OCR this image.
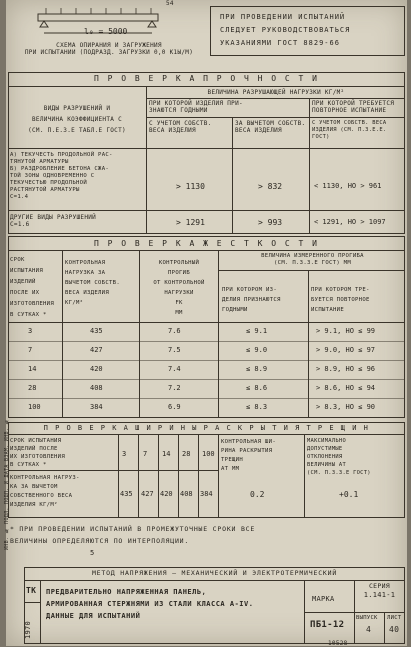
54
l₀ = 5000
СХЕМА ОПИРАНИЯ И ЗАГРУЖЕНИЯ
ПРИ ИСПЫТАНИИ (ПОДРАЗД. ЗАГРУЗКИ 0,0 К1Ы/М)
ПРИ ПРОВЕДЕНИИ ИСПЫТАНИЙ
СЛЕДУЕТ РУКОВОДСТВОВАТЬСЯ
УКАЗАНИЯМИ ГОСТ 8829-66
П Р О В Е Р К А П Р О Ч Н О С Т И
ВИДЫ РАЗРУШЕНИЙ И
ВЕЛИЧИНА КОЭФФИЦИЕНТА С
(СМ. П.Е.З.Е ТАБЛ.Е ГОСТ)
ВЕЛИЧИНА РАЗРУШАЮЩЕЙ НАГРУЗКИ КГ/М²
ПРИ КОТОРОЙ ИЗДЕЛИЯ ПРИ-
ЗНАЮТСЯ ГОДНЫМИ
ПРИ КОТОРОЙ ТРЕБУЕТСЯ
ПОВТОРНОЕ ИСПЫТАНИЕ
С УЧЕТОМ СОБСТВ.
ВЕСА ИЗДЕЛИЯ
ЗА ВЫЧЕТОМ СОБСТВ.
ВЕСА ИЗДЕЛИЯ
С УЧЕТОМ СОБСТВ. ВЕСА
ИЗДЕЛИЯ (СМ. П.З.Е.Е. ГОСТ)
А) ТЕКУЧЕСТЬ ПРОДОЛЬНОЙ РАС-
ТЯНУТОЙ АРМАТУРЫ
Б) РАЗДРОБЛЕНИЕ БЕТОНА СЖА-
ТОЙ ЗОНЫ ОДНОВРЕМЕННО С
ТЕКУЧЕСТЬЮ ПРОДОЛЬНОЙ
РАСТЯНУТОЙ АРМАТУРЫ
С=1.4
> 1130	> 832	< 1130, НО > 961
ДРУГИЕ ВИДЫ РАЗРУШЕНИЙ
С=1.6	> 1291	> 993	< 1291, НО > 1097
П Р О В Е Р К А Ж Е С Т К О С Т И
СРОК
ИСПЫТАНИЯ
ИЗДЕЛИЙ
ПОСЛЕ ИХ
ИЗГОТОВЛЕНИЯ
В СУТКАХ *
КОНТРОЛЬНАЯ
НАГРУЗКА ЗА
ВЫЧЕТОМ СОБСТВ.
ВЕСА ИЗДЕЛИЯ
КГ/М²
КОНТРОЛЬНЫЙ
ПРОГИБ
ОТ КОНТРОЛЬНОЙ
НАГРУЗКИ
FК
ММ
ВЕЛИЧИНА ИЗМЕРЕННОГО ПРОГИБА
(СМ. П.З.З.Е ГОСТ) ММ
ПРИ КОТОРОМ ИЗ-
ДЕЛИЯ ПРИЗНАЮТСЯ
ГОДНЫМИ
ПРИ КОТОРОМ ТРЕ-
БУЕТСЯ ПОВТОРНОЕ
ИСПЫТАНИЕ
3	435	7.6	≤ 9.1	> 9.1, НО ≤ 99
7	427	7.5	≤ 9.0	> 9.0, НО ≤ 97
14	420	7.4	≤ 8.9	> 8.9, НО ≤ 96
28	408	7.2	≤ 8.6	> 8.6, НО ≤ 94
100	384	6.9	≤ 8.3	> 8.3, НО ≤ 90
П Р О В Е Р К А Ш И Р И Н Ы Р А С К Р Ы Т И Я Т Р Е Щ И Н
СРОК ИСПЫТАНИЯ
ИЗДЕЛИЙ ПОСЛЕ
ИХ ИЗГОТОВЛЕНИЯ
В СУТКАХ *
КОНТРОЛЬНАЯ НАГРУЗ-
КА ЗА ВЫЧЕТОМ
СОБСТВЕННОГО ВЕСА
ИЗДЕЛИЯ КГ/М²
КОНТРОЛЬНАЯ ШИ-
РИНА РАСКРЫТИЯ
ТРЕЩИН
ΑТ ММ
МАКСИМАЛЬНО
ДОПУСТИМЫЕ
ОТКЛОНЕНИЯ
ВЕЛИЧИНЫ ΑТ
(СМ. П.З.З.Е ГОСТ)
3 7 14 28 100
435 427 420 408 384	0.2	+0.1
* ПРИ ПРОВЕДЕНИИ ИСПЫТАНИЙ В ПРОМЕЖУТОЧНЫЕ СРОКИ ВСЕ
ВЕЛИЧИНЫ ОПРЕДЕЛЯЮТСЯ ПО ИНТЕРПОЛЯЦИИ.
5
МЕТОД НАПРЯЖЕНИЯ – МЕХАНИЧЕСКИЙ И ЭЛЕКТРОТЕРМИЧЕСКИЙ
ТК
1970
ПРЕДВАРИТЕЛЬНО НАПРЯЖЕННАЯ ПАНЕЛЬ,
АРМИРОВАННАЯ СТЕРЖНЯМИ ИЗ СТАЛИ КЛАССА А-IV.
ДАННЫЕ ДЛЯ ИСПЫТАНИЙ
МАРКА
ПБ1-12
СЕРИЯ
1.141-1
ВЫПУСК
4
ЛИСТ
40
ИНВ. № ПОДЛ. ПОДП. И ДАТА ВЗАМ. ИНВ. №
10528
